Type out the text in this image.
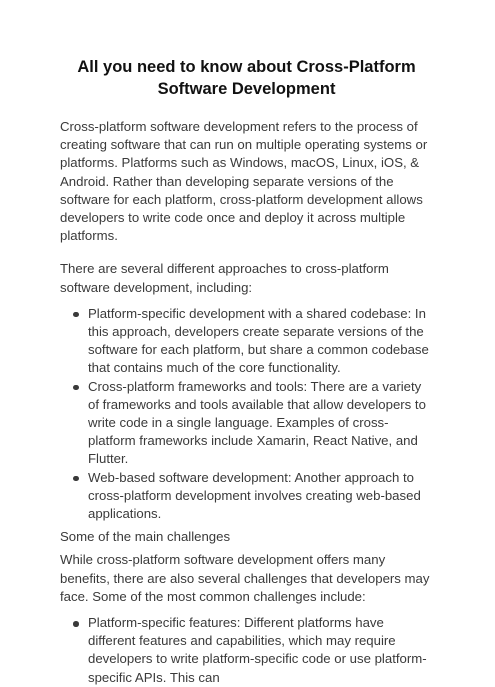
All you need to know about Cross-Platform Software Development

Cross-platform software development refers to the process of creating software that can run on multiple operating systems or platforms. Platforms such as Windows, macOS, Linux, iOS, & Android. Rather than developing separate versions of the software for each platform, cross-platform development allows developers to write code once and deploy it across multiple platforms.

There are several different approaches to cross-platform software development, including:

Platform-specific development with a shared codebase: In this approach, developers create separate versions of the software for each platform, but share a common codebase that contains much of the core functionality.
Cross-platform frameworks and tools: There are a variety of frameworks and tools available that allow developers to write code in a single language. Examples of cross-platform frameworks include Xamarin, React Native, and Flutter.
Web-based software development: Another approach to cross-platform development involves creating web-based applications.

Some of the main challenges

While cross-platform software development offers many benefits, there are also several challenges that developers may face. Some of the most common challenges include:

Platform-specific features: Different platforms have different features and capabilities, which may require developers to write platform-specific code or use platform-specific APIs. This can
